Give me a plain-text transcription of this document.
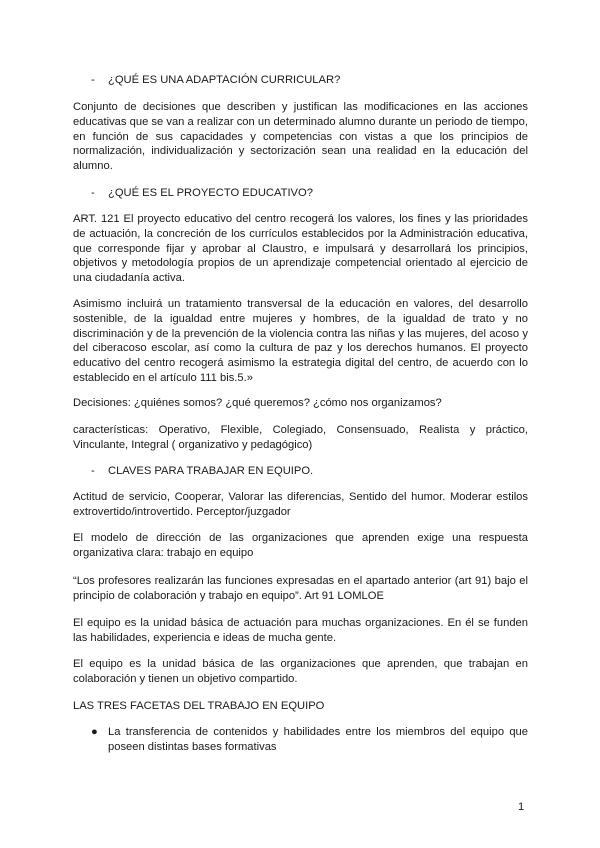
- ¿QUÉ ES UNA ADAPTACIÓN CURRICULAR?
Conjunto de decisiones que describen y justifican las modificaciones en las acciones educativas que se van a realizar con un determinado alumno durante un periodo de tiempo, en función de sus capacidades y competencias con vistas a que los principios de normalización, individualización y sectorización sean una realidad en la educación del alumno.
- ¿QUÉ ES EL PROYECTO EDUCATIVO?
ART. 121 El proyecto educativo del centro recogerá los valores, los fines y las prioridades de actuación, la concreción de los currículos establecidos por la Administración educativa, que corresponde fijar y aprobar al Claustro, e impulsará y desarrollará los principios, objetivos y metodología propios de un aprendizaje competencial orientado al ejercicio de una ciudadanía activa.
Asimismo incluirá un tratamiento transversal de la educación en valores, del desarrollo sostenible, de la igualdad entre mujeres y hombres, de la igualdad de trato y no discriminación y de la prevención de la violencia contra las niñas y las mujeres, del acoso y del ciberacoso escolar, así como la cultura de paz y los derechos humanos. El proyecto educativo del centro recogerá asimismo la estrategia digital del centro, de acuerdo con lo establecido en el artículo 111 bis.5.»
Decisiones: ¿quiénes somos? ¿qué queremos? ¿cómo nos organizamos?
características: Operativo, Flexible, Colegiado, Consensuado, Realista y práctico, Vinculante, Integral ( organizativo y pedagógico)
- CLAVES PARA TRABAJAR EN EQUIPO.
Actitud de servicio, Cooperar, Valorar las diferencias, Sentido del humor. Moderar estilos extrovertido/introvertido. Perceptor/juzgador
El modelo de dirección de las organizaciones que aprenden exige una respuesta organizativa clara: trabajo en equipo
“Los profesores realizarán las funciones expresadas en el apartado anterior (art 91) bajo el principio de colaboración y trabajo en equipo”. Art 91 LOMLOE
El equipo es la unidad básica de actuación para muchas organizaciones. En él se funden las habilidades, experiencia e ideas de mucha gente.
El equipo es la unidad básica de las organizaciones que aprenden, que trabajan en colaboración y tienen un objetivo compartido.
LAS TRES FACETAS DEL TRABAJO EN EQUIPO
● La transferencia de contenidos y habilidades entre los miembros del equipo que poseen distintas bases formativas
1
